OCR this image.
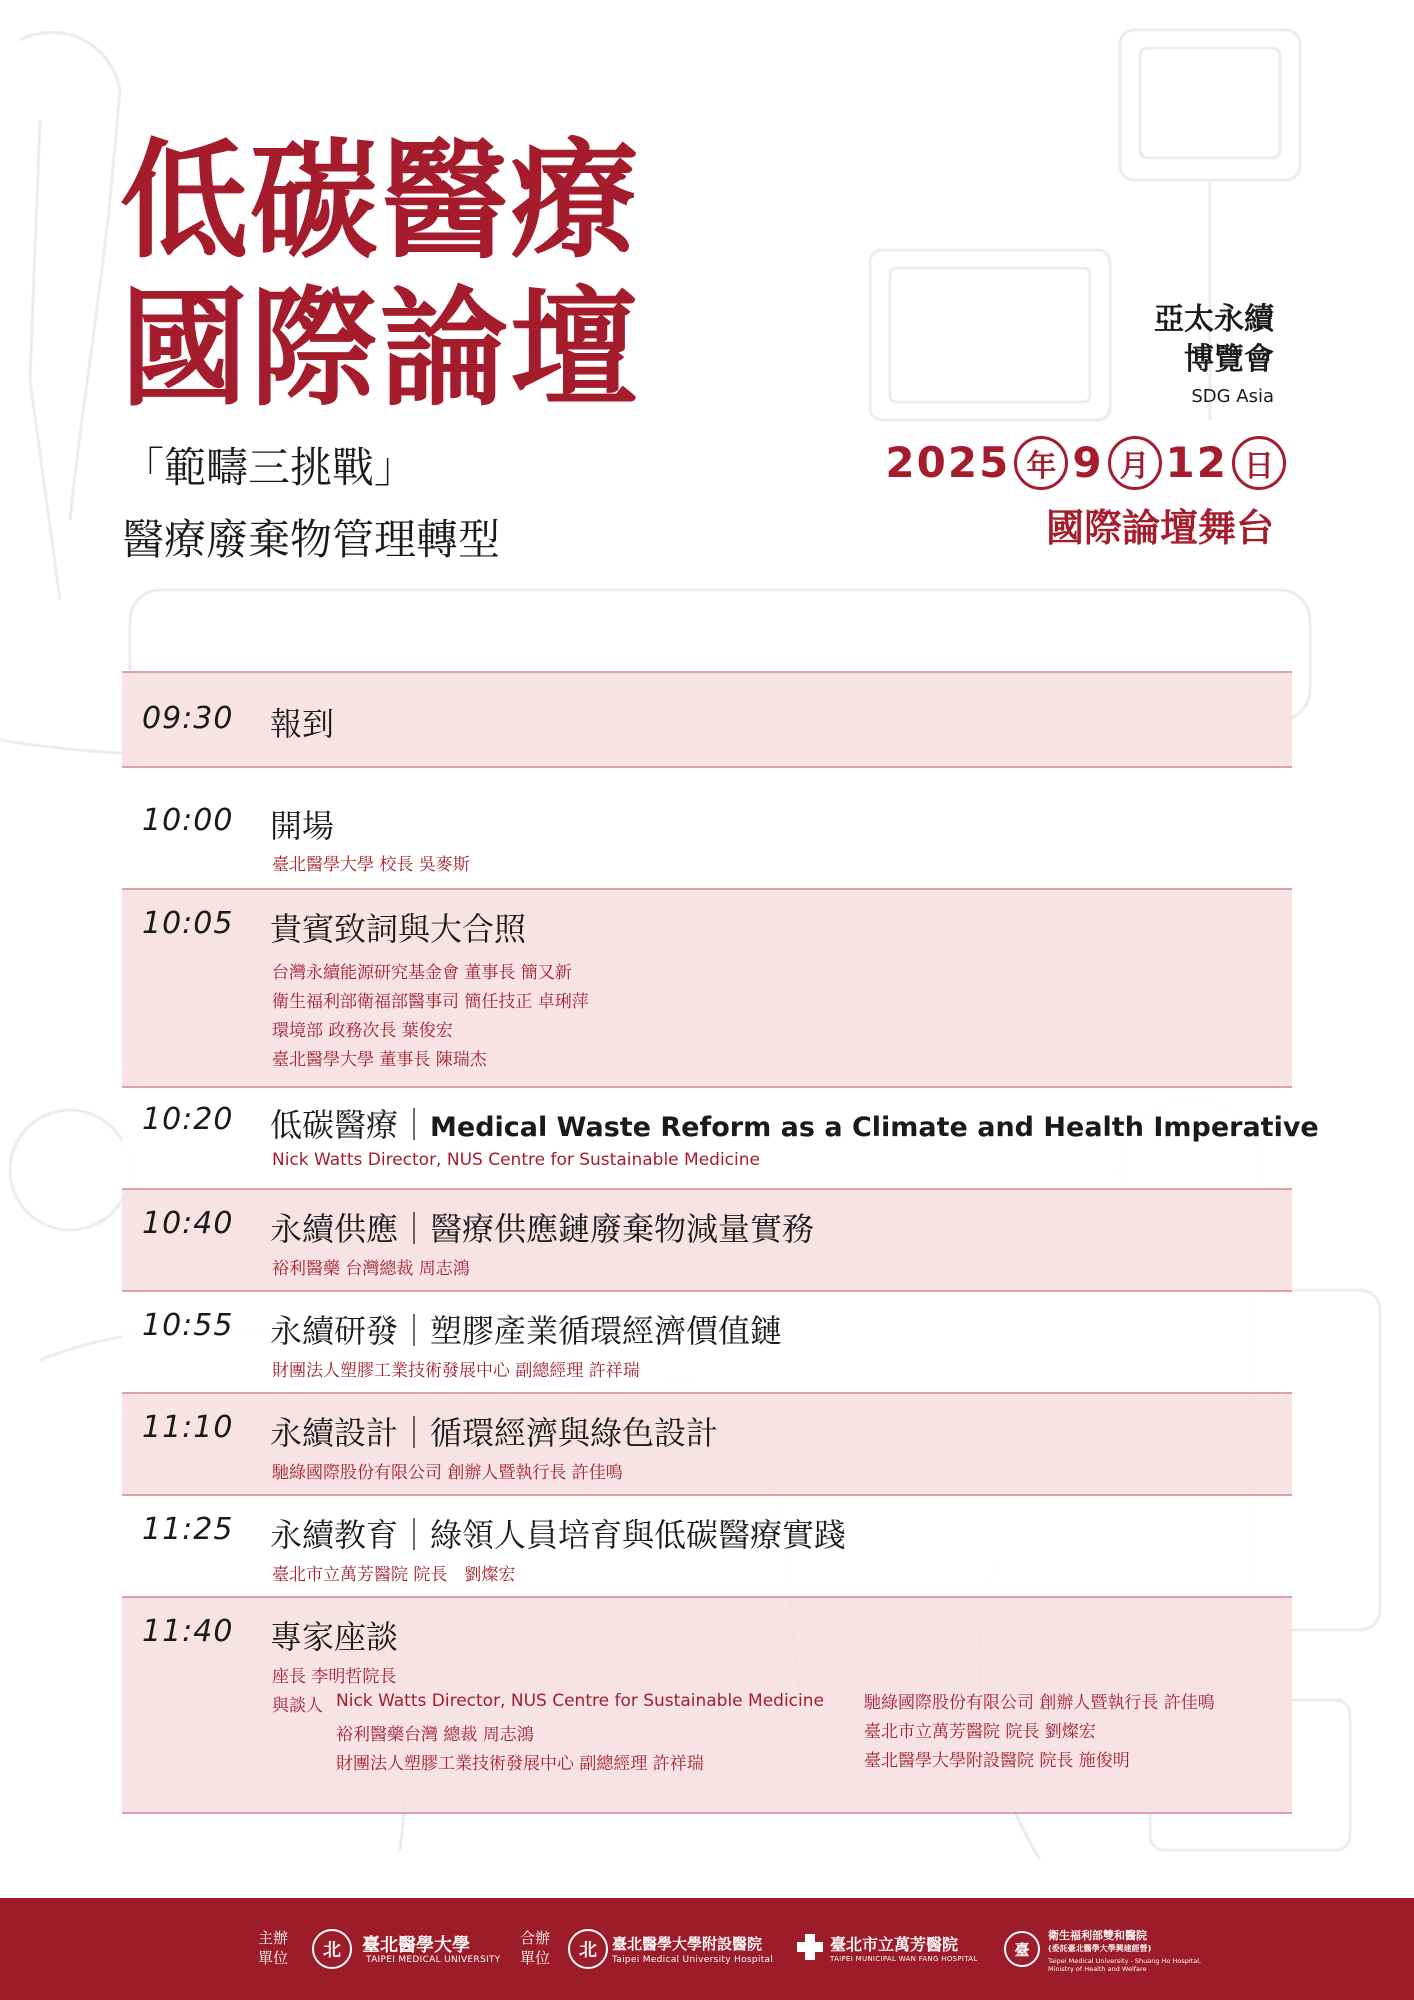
低碳醫療
國際論壇
「範疇三挑戰」
醫療廢棄物管理轉型
亞太永續
博覽會
SDG Asia
2025 年 9 月 12 日
國際論壇舞台
09:30 報到
10:00 開場
臺北醫學大學 校長 吳麥斯
10:05 貴賓致詞與大合照
台灣永續能源研究基金會 董事長 簡又新
衛生福利部衛福部醫事司 簡任技正 卓琍萍
環境部 政務次長 葉俊宏
臺北醫學大學 董事長 陳瑞杰
10:20 低碳醫療｜Medical Waste Reform as a Climate and Health Imperative
Nick Watts Director, NUS Centre for Sustainable Medicine
10:40 永續供應｜醫療供應鏈廢棄物減量實務
裕利醫藥 台灣總裁 周志鴻
10:55 永續研發｜塑膠產業循環經濟價值鏈
財團法人塑膠工業技術發展中心 副總經理 許祥瑞
11:10 永續設計｜循環經濟與綠色設計
馳綠國際股份有限公司 創辦人暨執行長 許佳鳴
11:25 永續教育｜綠領人員培育與低碳醫療實踐
臺北市立萬芳醫院 院長　劉燦宏
11:40 專家座談
座長 李明哲院長
與談人 Nick Watts Director, NUS Centre for Sustainable Medicine
裕利醫藥台灣 總裁 周志鴻
財團法人塑膠工業技術發展中心 副總經理 許祥瑞
馳綠國際股份有限公司 創辦人暨執行長 許佳鳴
臺北市立萬芳醫院 院長 劉燦宏
臺北醫學大學附設醫院 院長 施俊明
主辦
單位	北	臺北醫學大學
TAIPEI MEDICAL UNIVERSITY
合辦
單位	北	臺北醫學大學附設醫院
Taipei Medical University Hospital
臺北市立萬芳醫院
TAIPEI MUNICIPAL WAN FANG HOSPITAL
臺
衛生福利部雙和醫院
(委託臺北醫學大學興建經營)
Taipei Medical University - Shuang Ho Hospital,
Ministry of Health and Welfare
